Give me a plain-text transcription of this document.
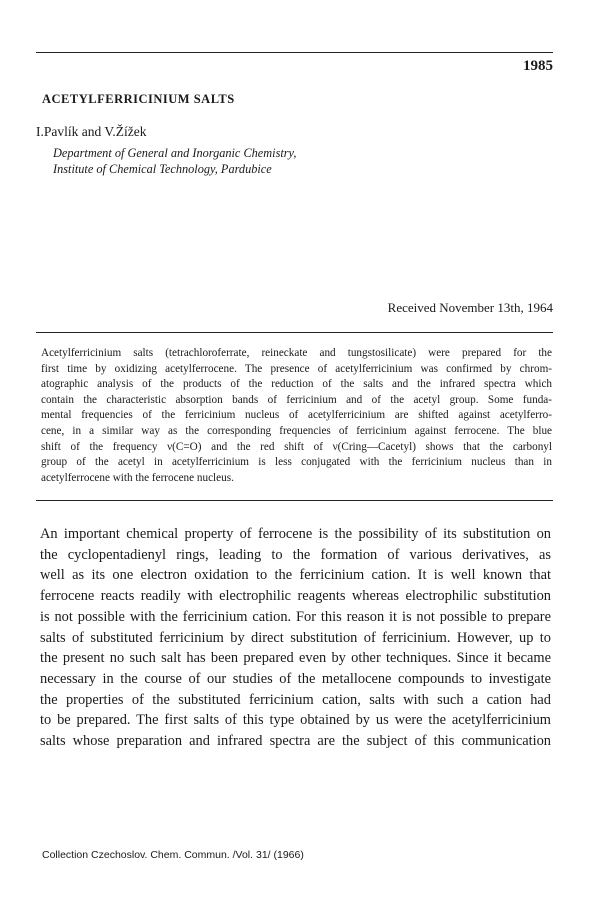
1985
ACETYLFERRICINIUM SALTS
I.Pavlík and V.Žížek
Department of General and Inorganic Chemistry,
Institute of Chemical Technology, Pardubice
Received November 13th, 1964
Acetylferricinium salts (tetrachloroferrate, reineckate and tungstosilicate) were prepared for the
first time by oxidizing acetylferrocene. The presence of acetylferricinium was confirmed by chrom-
atographic analysis of the products of the reduction of the salts and the infrared spectra which
contain the characteristic absorption bands of ferricinium and of the acetyl group. Some funda-
mental frequencies of the ferricinium nucleus of acetylferricinium are shifted against acetylferro-
cene, in a similar way as the corresponding frequencies of ferricinium against ferrocene. The blue
shift of the frequency ν(C=O) and the red shift of ν(Cring—Cacetyl) shows that the carbonyl
group of the acetyl in acetylferricinium is less conjugated with the ferricinium nucleus than in
acetylferrocene with the ferrocene nucleus.
An important chemical property of ferrocene is the possibility of its substitution on
the cyclopentadienyl rings, leading to the formation of various derivatives, as
well as its one electron oxidation to the ferricinium cation. It is well known that
ferrocene reacts readily with electrophilic reagents whereas electrophilic substitution
is not possible with the ferricinium cation. For this reason it is not possible to prepare
salts of substituted ferricinium by direct substitution of ferricinium. However, up to
the present no such salt has been prepared even by other techniques. Since it became
necessary in the course of our studies of the metallocene compounds to investigate
the properties of the substituted ferricinium cation, salts with such a cation had
to be prepared. The first salts of this type obtained by us were the acetylferricinium
salts whose preparation and infrared spectra are the subject of this communication
Collection Czechoslov. Chem. Commun. /Vol. 31/ (1966)
